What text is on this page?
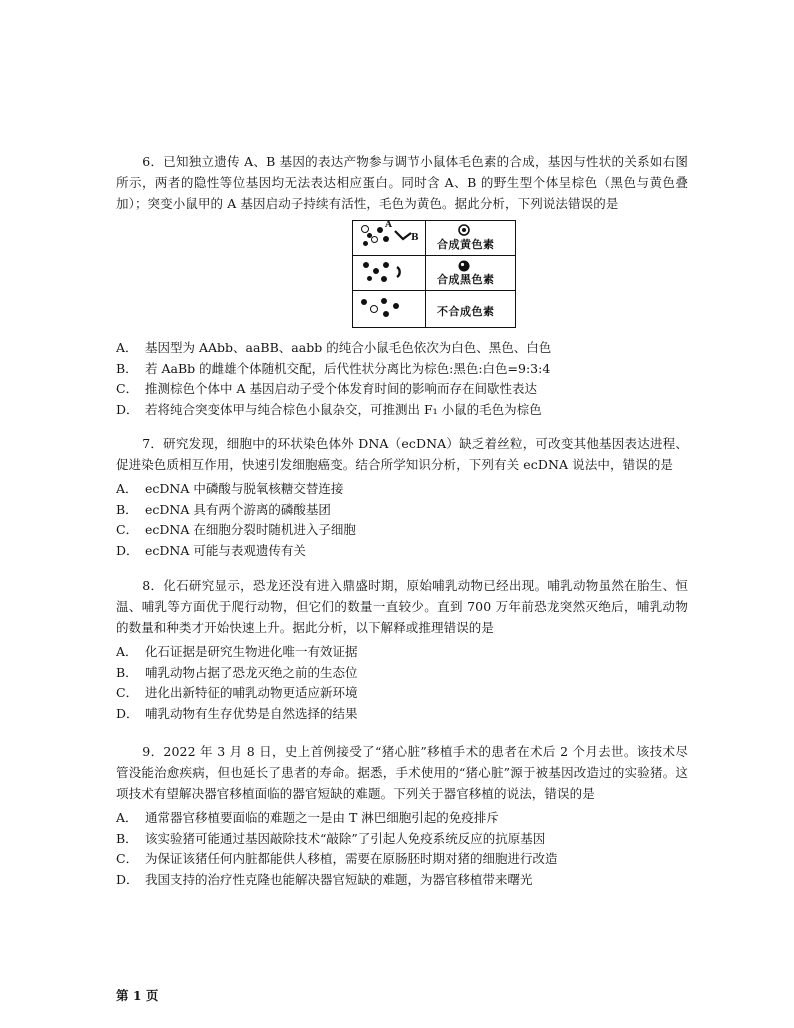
6．已知独立遗传 A、B 基因的表达产物参与调节小鼠体毛色素的合成，基因与性状的关系如右图所示，两者的隐性等位基因均无法表达相应蛋白。同时含 A、B 的野生型个体呈棕色（黑色与黄色叠加）；突变小鼠甲的 A 基因启动子持续有活性，毛色为黄色。据此分析，下列说法错误的是

A
B 合成黄色素
合成黑色素
不合成色素
A． 基因型为 AAbb、aaBB、aabb 的纯合小鼠毛色依次为白色、黑色、白色
B． 若 AaBb 的雌雄个体随机交配，后代性状分离比为棕色:黑色:白色=9:3:4
C． 推测棕色个体中 A 基因启动子受个体发育时间的影响而存在间歇性表达
D． 若将纯合突变体甲与纯合棕色小鼠杂交，可推测出 F₁ 小鼠的毛色为棕色

7．研究发现，细胞中的环状染色体外 DNA（ecDNA）缺乏着丝粒，可改变其他基因表达进程、促进染色质相互作用，快速引发细胞癌变。结合所学知识分析，下列有关 ecDNA 说法中，错误的是

A． ecDNA 中磷酸与脱氧核糖交替连接
B． ecDNA 具有两个游离的磷酸基团
C． ecDNA 在细胞分裂时随机进入子细胞
D． ecDNA 可能与表观遗传有关

8．化石研究显示，恐龙还没有进入鼎盛时期，原始哺乳动物已经出现。哺乳动物虽然在胎生、恒温、哺乳等方面优于爬行动物，但它们的数量一直较少。直到 700 万年前恐龙突然灭绝后，哺乳动物的数量和种类才开始快速上升。据此分析，以下解释或推理错误的是

A． 化石证据是研究生物进化唯一有效证据
B． 哺乳动物占据了恐龙灭绝之前的生态位
C． 进化出新特征的哺乳动物更适应新环境
D． 哺乳动物有生存优势是自然选择的结果

9．2022 年 3 月 8 日，史上首例接受了“猪心脏”移植手术的患者在术后 2 个月去世。该技术尽管没能治愈疾病，但也延长了患者的寿命。据悉，手术使用的“猪心脏”源于被基因改造过的实验猪。这项技术有望解决器官移植面临的器官短缺的难题。下列关于器官移植的说法，错误的是

A． 通常器官移植要面临的难题之一是由 T 淋巴细胞引起的免疫排斥
B． 该实验猪可能通过基因敲除技术“敲除”了引起人免疫系统反应的抗原基因
C． 为保证该猪任何内脏都能供人移植，需要在原肠胚时期对猪的细胞进行改造
D． 我国支持的治疗性克隆也能解决器官短缺的难题，为器官移植带来曙光
第 1 页
